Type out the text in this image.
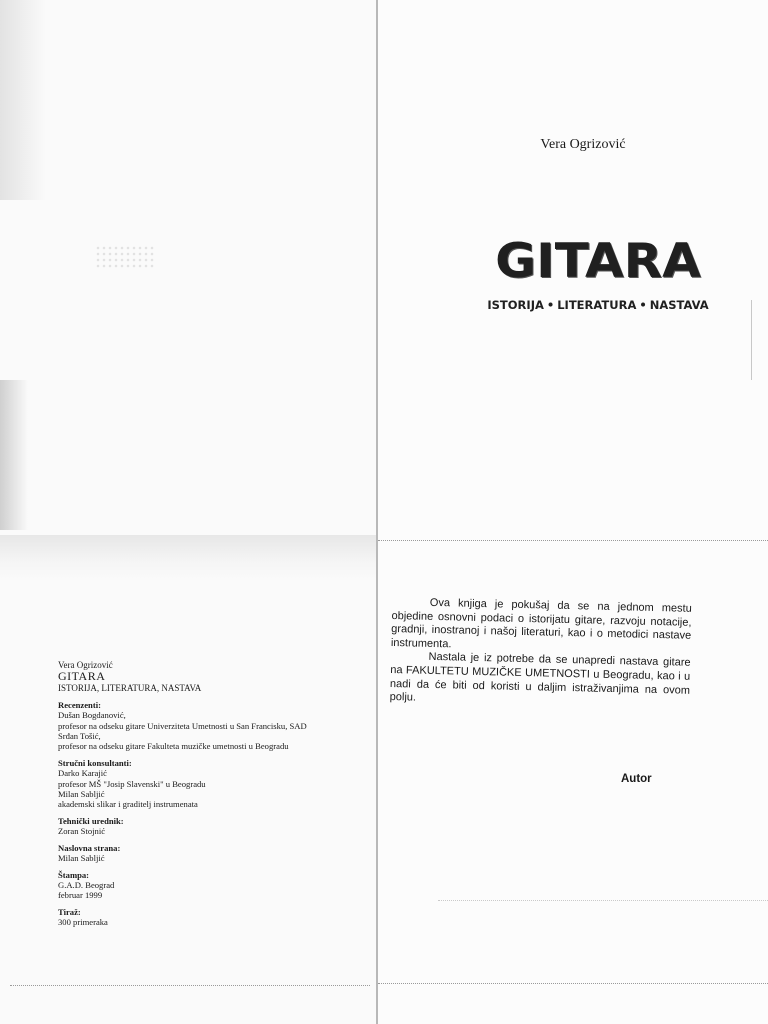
Vera Ogrizović
GITARA
ISTORIJA, LITERATURA, NASTAVA
Recenzenti:
Dušan Bogdanović,
profesor na odseku gitare Univerziteta Umetnosti u San Francisku, SAD
Srđan Tošić,
profesor na odseku gitare Fakulteta muzičke umetnosti u Beogradu
Stručni konsultanti:
Darko Karajić
profesor MŠ "Josip Slavenski" u Beogradu
Milan Sabljić
akademski slikar i graditelj instrumenata
Tehnički urednik:
Zoran Stojnić
Naslovna strana:
Milan Sabljić
Štampa:
G.A.D. Beograd
februar 1999
Tiraž:
300 primeraka
Vera Ogrizović
GITARA
ISTORIJA • LITERATURA • NASTAVA

Ova knjiga je pokušaj da se na jednom mestu objedine osnovni podaci o istorijatu gitare, razvoju notacije, gradnji, inostranoj i našoj literaturi, kao i o metodici nastave instrumenta.

Nastala je iz potrebe da se unapredi nastava gitare na FAKULTETU MUZIČKE UMETNOSTI u Beogradu, kao i u nadi da će biti od koristi u daljim istraživanjima na ovom polju.

Autor
